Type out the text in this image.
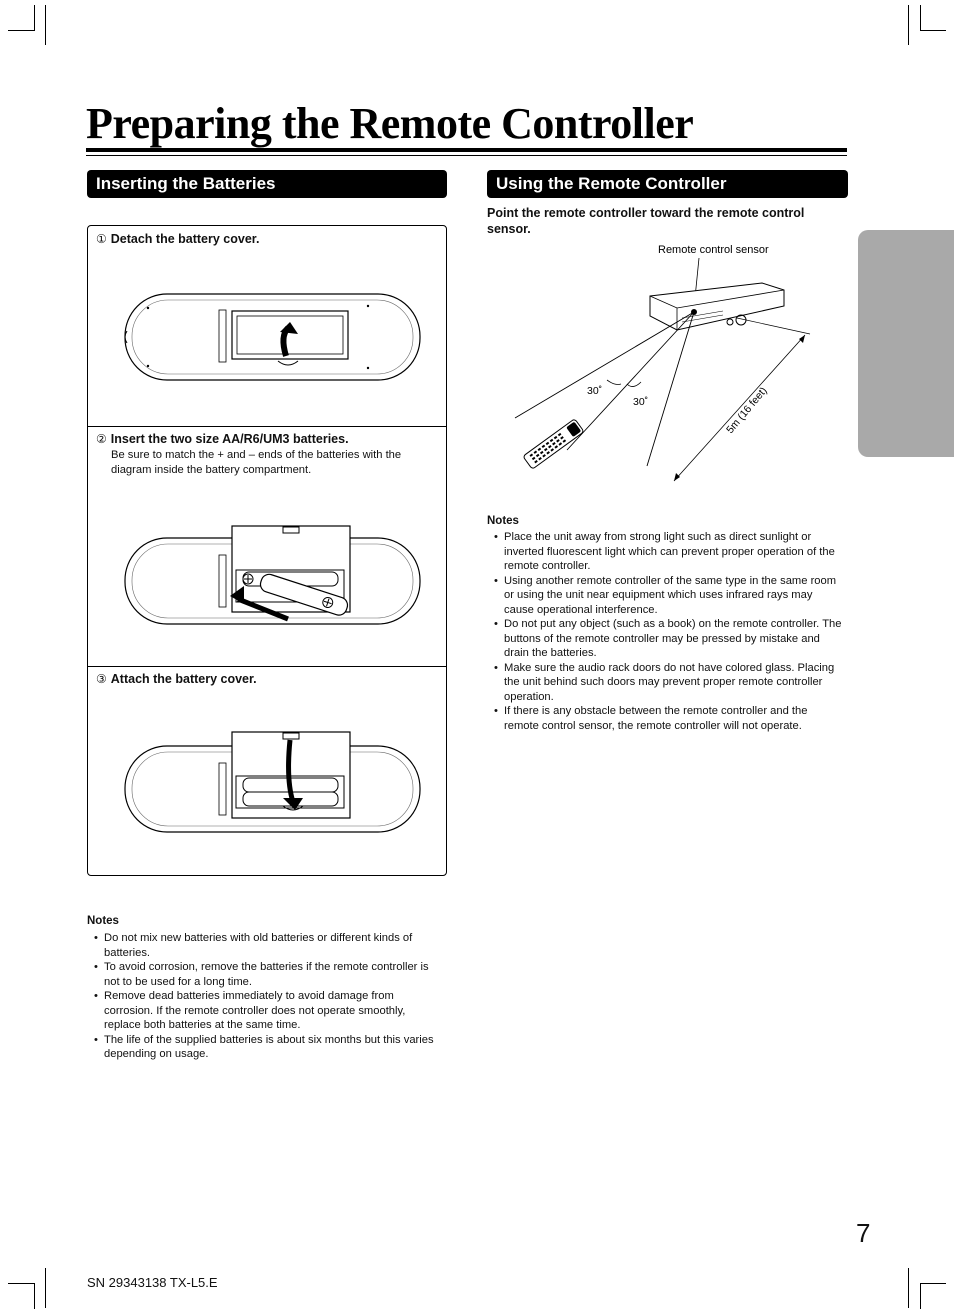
Preparing the Remote Controller
Inserting the Batteries
① Detach the battery cover.
② Insert the two size AA/R6/UM3 batteries.
Be sure to match the + and – ends of the batteries with the diagram inside the battery compartment.
③ Attach the battery cover.
Notes
• Do not mix new batteries with old batteries or different kinds of batteries.
• To avoid corrosion, remove the batteries if the remote controller is not to be used for a long time.
• Remove dead batteries immediately to avoid damage from corrosion. If the remote controller does not operate smoothly, replace both batteries at the same time.
• The life of the supplied batteries is about six months but this varies depending on usage.
Using the Remote Controller
Point the remote controller toward the remote control sensor.
Remote control sensor
30˚
30˚	5m (16 feet)
Notes
• Place the unit away from strong light such as direct sunlight or inverted fluorescent light which can prevent proper operation of the remote controller.
• Using another remote controller of the same type in the same room or using the unit near equipment which uses infrared rays may cause operational interference.
• Do not put any object (such as a book) on the remote controller. The buttons of the remote controller may be pressed by mistake and drain the batteries.
• Make sure the audio rack doors do not have colored glass. Placing the unit behind such doors may prevent proper remote controller operation.
• If there is any obstacle between the remote controller and the remote control sensor, the remote controller will not operate.
7
SN 29343138 TX-L5.E
